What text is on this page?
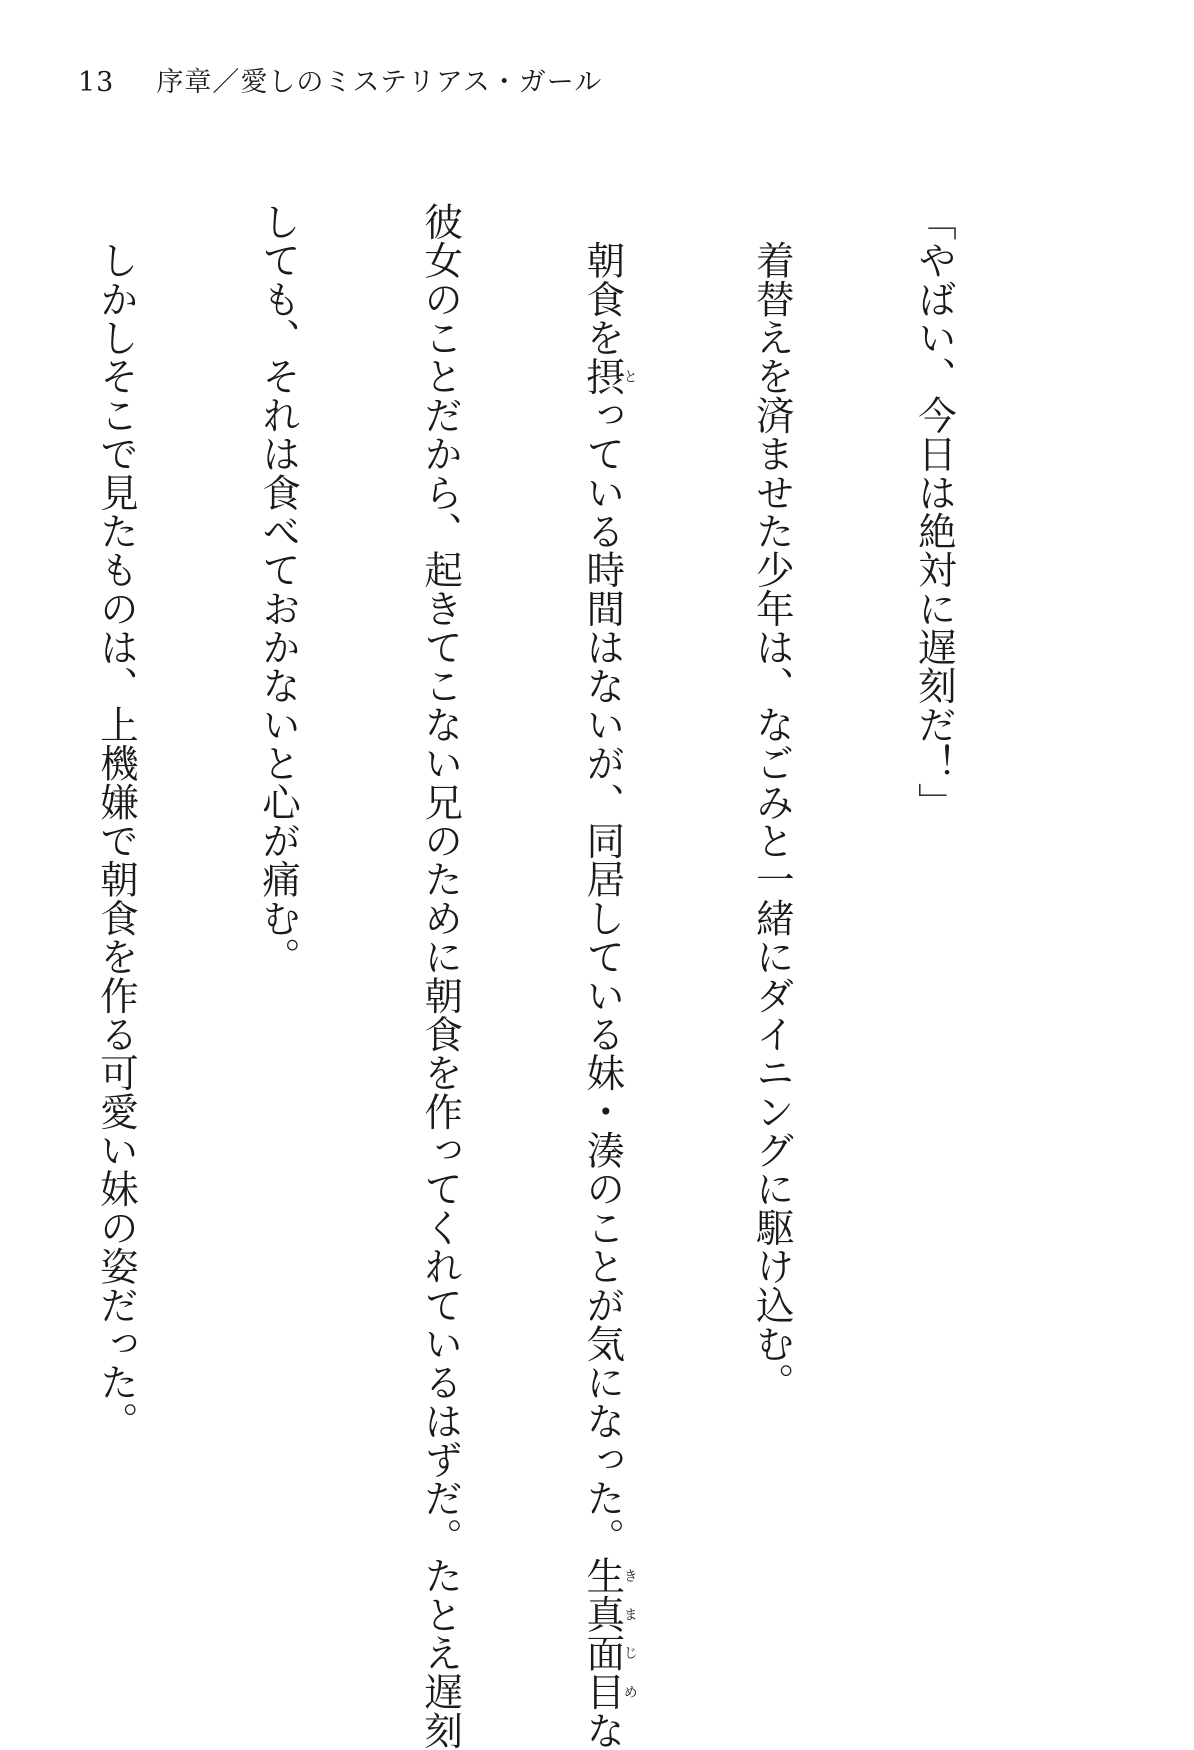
13 序章／愛しのミステリアス・ガール

「やばい、今日は絶対に遅刻だ！」

　着替えを済ませた少年は、なごみと一緒にダイニングに駆け込む。

　朝食を摂とっている時間はないが、同居している妹・湊のことが気になった。生真面目きまじめな

彼女のことだから、起きてこない兄のために朝食を作ってくれているはずだ。たとえ遅刻

しても、それは食べておかないと心が痛む。

　しかしそこで見たものは、上機嫌で朝食を作る可愛い妹の姿だった。
